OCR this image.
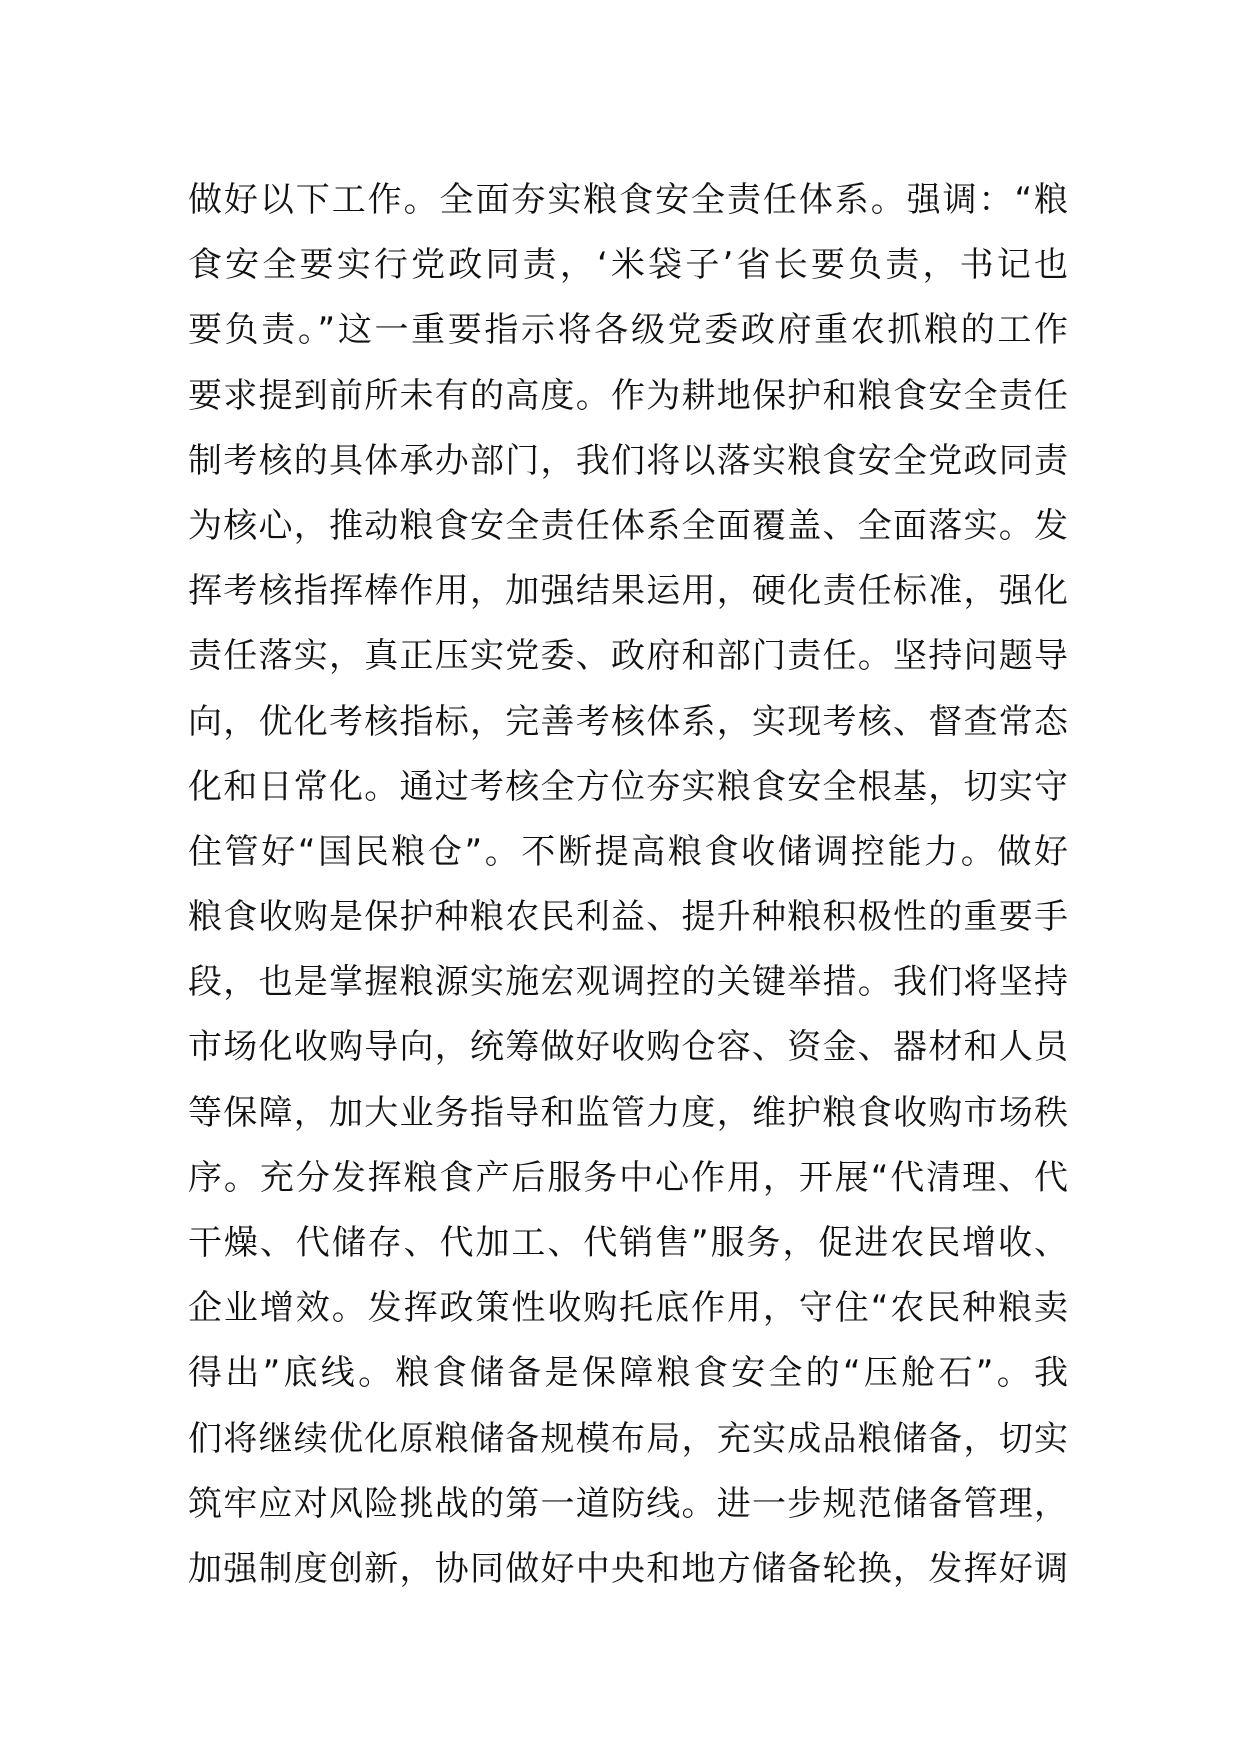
做好以下工作。全面夯实粮食安全责任体系。强调：“粮
食安全要实行党政同责，‘米袋子’省长要负责，书记也
要负责。”这一重要指示将各级党委政府重农抓粮的工作
要求提到前所未有的高度。作为耕地保护和粮食安全责任
制考核的具体承办部门，我们将以落实粮食安全党政同责
为核心，推动粮食安全责任体系全面覆盖、全面落实。发
挥考核指挥棒作用，加强结果运用，硬化责任标准，强化
责任落实，真正压实党委、政府和部门责任。坚持问题导
向，优化考核指标，完善考核体系，实现考核、督查常态
化和日常化。通过考核全方位夯实粮食安全根基，切实守
住管好“国民粮仓”。不断提高粮食收储调控能力。做好
粮食收购是保护种粮农民利益、提升种粮积极性的重要手
段，也是掌握粮源实施宏观调控的关键举措。我们将坚持
市场化收购导向，统筹做好收购仓容、资金、器材和人员
等保障，加大业务指导和监管力度，维护粮食收购市场秩
序。充分发挥粮食产后服务中心作用，开展“代清理、代
干燥、代储存、代加工、代销售”服务，促进农民增收、
企业增效。发挥政策性收购托底作用，守住“农民种粮卖
得出”底线。粮食储备是保障粮食安全的“压舱石”。我
们将继续优化原粮储备规模布局，充实成品粮储备，切实
筑牢应对风险挑战的第一道防线。进一步规范储备管理，
加强制度创新，协同做好中央和地方储备轮换，发挥好调
